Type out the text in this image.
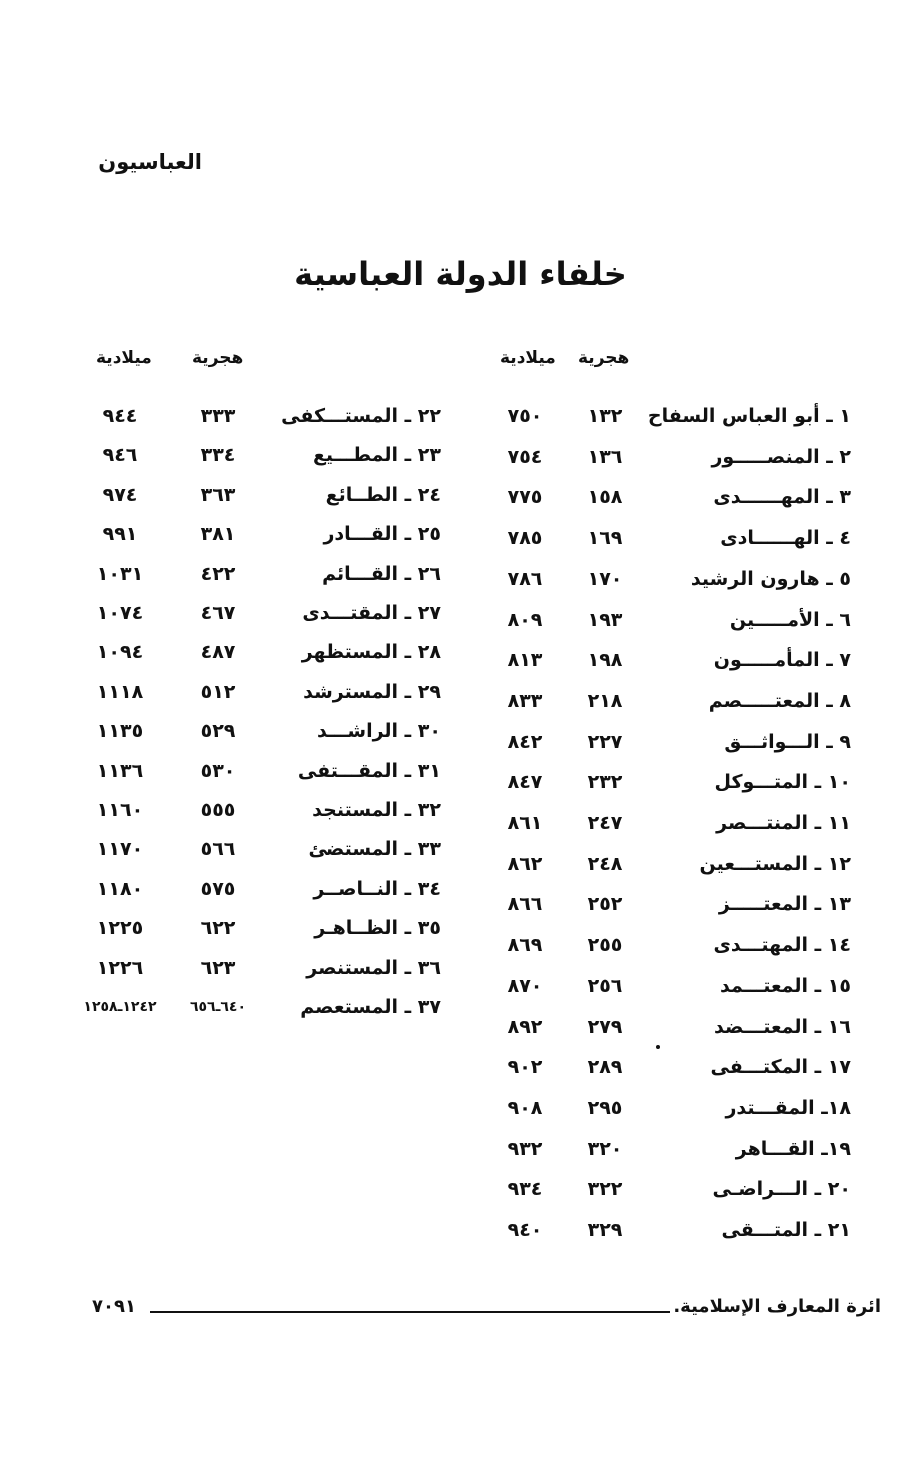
العباسيون
خلفاء الدولة العباسية
هجرية
ميلادية
هجرية
ميلادية
١ ـ أبو العباس السفاح
١٣٢
٧٥٠
٢ ـ المنصـــــور
١٣٦
٧٥٤
٣ ـ المهــــــدى
١٥٨
٧٧٥
٤ ـ الهــــــادى
١٦٩
٧٨٥
٥ ـ هارون الرشيد
١٧٠
٧٨٦
٦ ـ الأمـــــين
١٩٣
٨٠٩
٧ ـ المأمـــــون
١٩٨
٨١٣
٨ ـ المعتـــــصم
٢١٨
٨٣٣
٩ ـ الـــواثـــق
٢٢٧
٨٤٢
١٠ ـ المتـــوكل
٢٣٢
٨٤٧
١١ ـ المنتـــصر
٢٤٧
٨٦١
١٢ ـ المستـــعين
٢٤٨
٨٦٢
١٣ ـ المعتـــــز
٢٥٢
٨٦٦
١٤ ـ المهتـــدى
٢٥٥
٨٦٩
١٥ ـ المعتـــمد
٢٥٦
٨٧٠
١٦ ـ المعتـــضد
٢٧٩
٨٩٢
١٧ ـ المكتـــفى
٢٨٩
٩٠٢
١٨ـ المقـــتدر
٢٩٥
٩٠٨
١٩ـ القـــاهر
٣٢٠
٩٣٢
٢٠ ـ الـــراضـى
٣٢٢
٩٣٤
٢١ ـ المتـــقى
٣٢٩
٩٤٠
٢٢ ـ المستـــكفى
٣٣٣
٩٤٤
٢٣ ـ المطـــيع
٣٣٤
٩٤٦
٢٤ ـ الطــائع
٣٦٣
٩٧٤
٢٥ ـ القـــادر
٣٨١
٩٩١
٢٦ ـ القـــائم
٤٢٢
١٠٣١
٢٧ ـ المقتـــدى
٤٦٧
١٠٧٤
٢٨ ـ المستظهر
٤٨٧
١٠٩٤
٢٩ ـ المسترشد
٥١٢
١١١٨
٣٠ ـ الراشـــد
٥٢٩
١١٣٥
٣١ ـ المقـــتفى
٥٣٠
١١٣٦
٣٢ ـ المستنجد
٥٥٥
١١٦٠
٣٣ ـ المستضئ
٥٦٦
١١٧٠
٣٤ ـ النــاصــر
٥٧٥
١١٨٠
٣٥ ـ الظــاهـر
٦٢٢
١٢٢٥
٣٦ ـ المستنصر
٦٢٣
١٢٢٦
٣٧ ـ المستعصم
٦٤٠ـ٦٥٦
١٢٤٢ـ١٢٥٨
ائرة المعارف الإسلامية.
٧٠٩١
